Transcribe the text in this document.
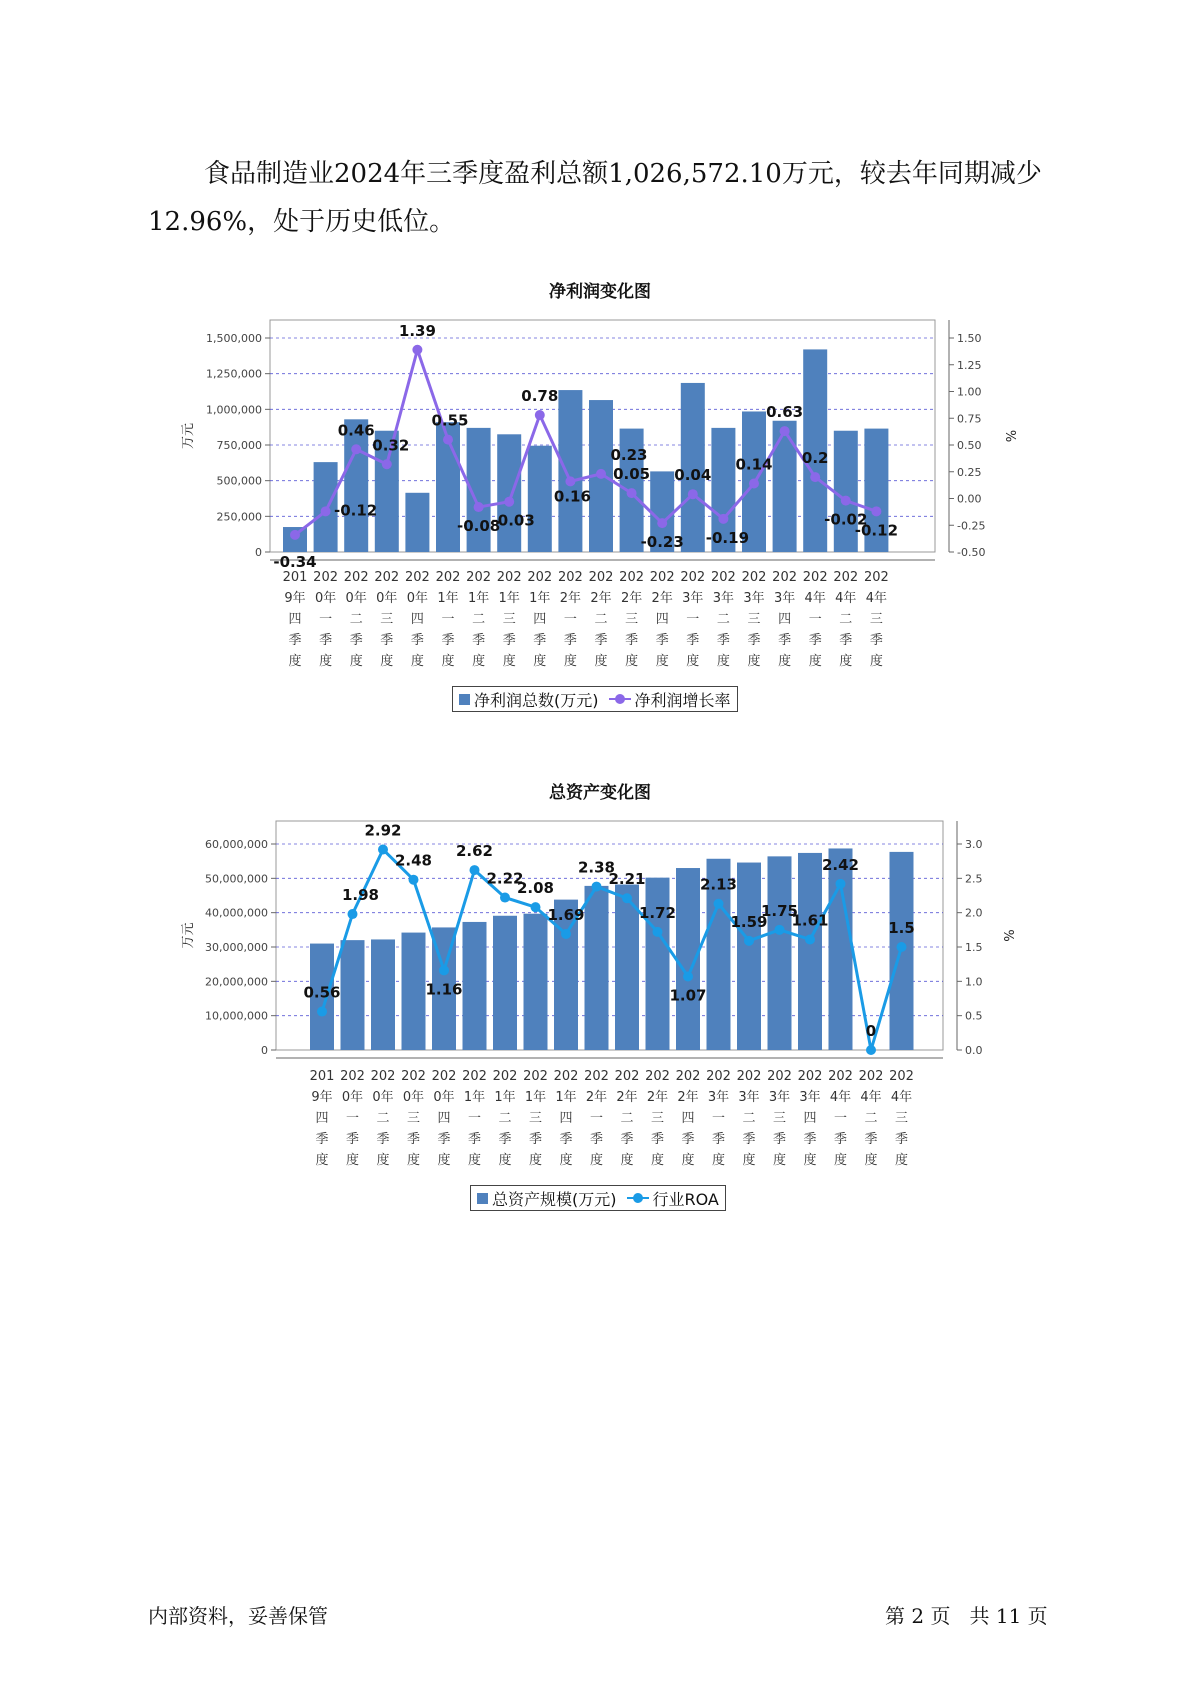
食品制造业2024年三季度盈利总额1,026,572.10万元，较去年同期减少12.96%，处于历史低位。
净利润变化图
总资产变化图
0
250,000
500,000
750,000
1,000,000
1,250,000
1,500,000
-0.50
-0.25
0.00
0.25
0.50
0.75
1.00
1.25
1.50
万元	%
-0.34
-0.12
0.46
0.32
1.39
0.55
-0.08
-0.03
0.78
0.16
0.23
0.05
-0.23
0.04
-0.19
0.14
0.63
0.2
-0.02
-0.12
201
9年
四
季
度
202
0年
一
季
度
202
0年
二
季
度
202
0年
三
季
度
202
0年
四
季
度
202
1年
一
季
度
202
1年
二
季
度
202
1年
三
季
度
202
1年
四
季
度
202
2年
一
季
度
202
2年
二
季
度
202
2年
三
季
度
202
2年
四
季
度
202
3年
一
季
度
202
3年
二
季
度
202
3年
三
季
度
202
3年
四
季
度
202
4年
一
季
度
202
4年
二
季
度
202
4年
三
季
度
0
10,000,000
20,000,000
30,000,000
40,000,000
50,000,000
60,000,000
0.0
0.5
1.0
1.5
2.0
2.5
3.0
万元	%
0.56
1.98
2.92
2.48
1.16
2.62
2.22
2.08
1.69
2.38
2.21
1.72
1.07
2.13
1.59
1.75
1.61
2.42
0
1.5
201
9年
四
季
度
202
0年
一
季
度
202
0年
二
季
度
202
0年
三
季
度
202
0年
四
季
度
202
1年
一
季
度
202
1年
二
季
度
202
1年
三
季
度
202
1年
四
季
度
202
2年
一
季
度
202
2年
二
季
度
202
2年
三
季
度
202
2年
四
季
度
202
3年
一
季
度
202
3年
二
季
度
202
3年
三
季
度
202
3年
四
季
度
202
4年
一
季
度
202
4年
二
季
度
202
4年
三
季
度
净利润总数(万元) 净利润增长率
总资产规模(万元) 行业ROA
内部资料，妥善保管	第 2 页   共 11 页
